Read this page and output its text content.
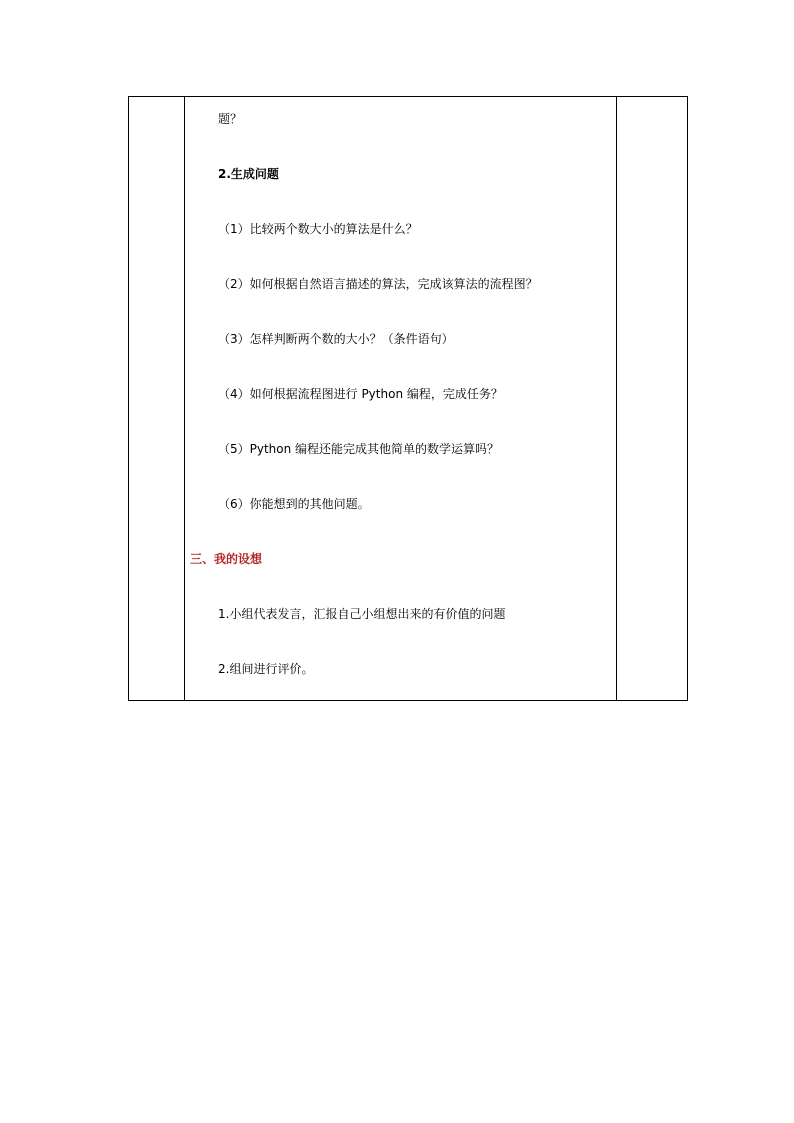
题？
2.生成问题
（1）比较两个数大小的算法是什么？
（2）如何根据自然语言描述的算法，完成该算法的流程图？
（3）怎样判断两个数的大小？（条件语句）
（4）如何根据流程图进行 Python 编程，完成任务？
（5）Python 编程还能完成其他简单的数学运算吗？
（6）你能想到的其他问题。
三、我的设想
1.小组代表发言，汇报自己小组想出来的有价值的问题
2.组间进行评价。
